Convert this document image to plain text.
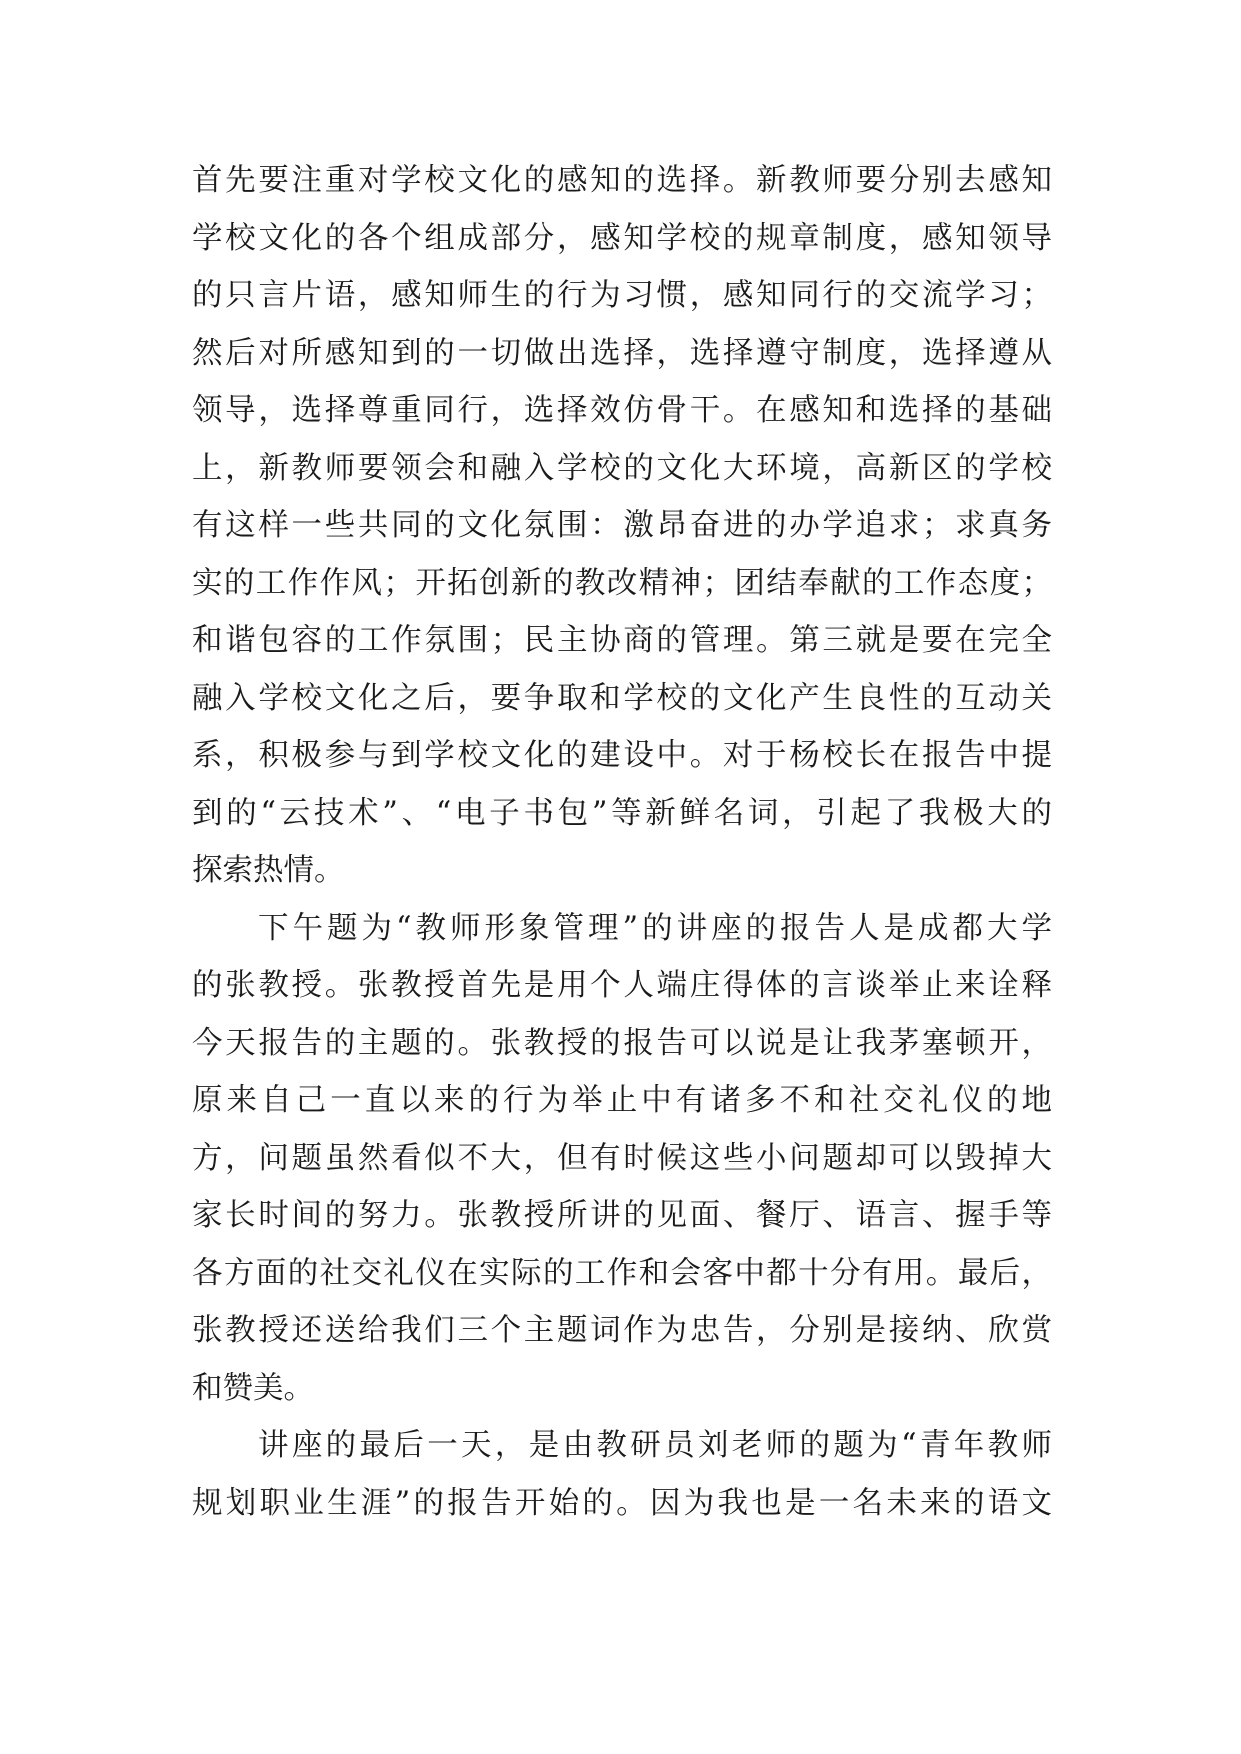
首先要注重对学校文化的感知的选择。新教师要分别去感知
学校文化的各个组成部分，感知学校的规章制度，感知领导
的只言片语，感知师生的行为习惯，感知同行的交流学习；
然后对所感知到的一切做出选择，选择遵守制度，选择遵从
领导，选择尊重同行，选择效仿骨干。在感知和选择的基础
上，新教师要领会和融入学校的文化大环境，高新区的学校
有这样一些共同的文化氛围：激昂奋进的办学追求；求真务
实的工作作风；开拓创新的教改精神；团结奉献的工作态度；
和谐包容的工作氛围；民主协商的管理。第三就是要在完全
融入学校文化之后，要争取和学校的文化产生良性的互动关
系，积极参与到学校文化的建设中。对于杨校长在报告中提
到的“云技术”、“电子书包”等新鲜名词，引起了我极大的
探索热情。
下午题为“教师形象管理”的讲座的报告人是成都大学
的张教授。张教授首先是用个人端庄得体的言谈举止来诠释
今天报告的主题的。张教授的报告可以说是让我茅塞顿开，
原来自己一直以来的行为举止中有诸多不和社交礼仪的地
方，问题虽然看似不大，但有时候这些小问题却可以毁掉大
家长时间的努力。张教授所讲的见面、餐厅、语言、握手等
各方面的社交礼仪在实际的工作和会客中都十分有用。最后，
张教授还送给我们三个主题词作为忠告，分别是接纳、欣赏
和赞美。
讲座的最后一天，是由教研员刘老师的题为“青年教师
规划职业生涯”的报告开始的。因为我也是一名未来的语文
